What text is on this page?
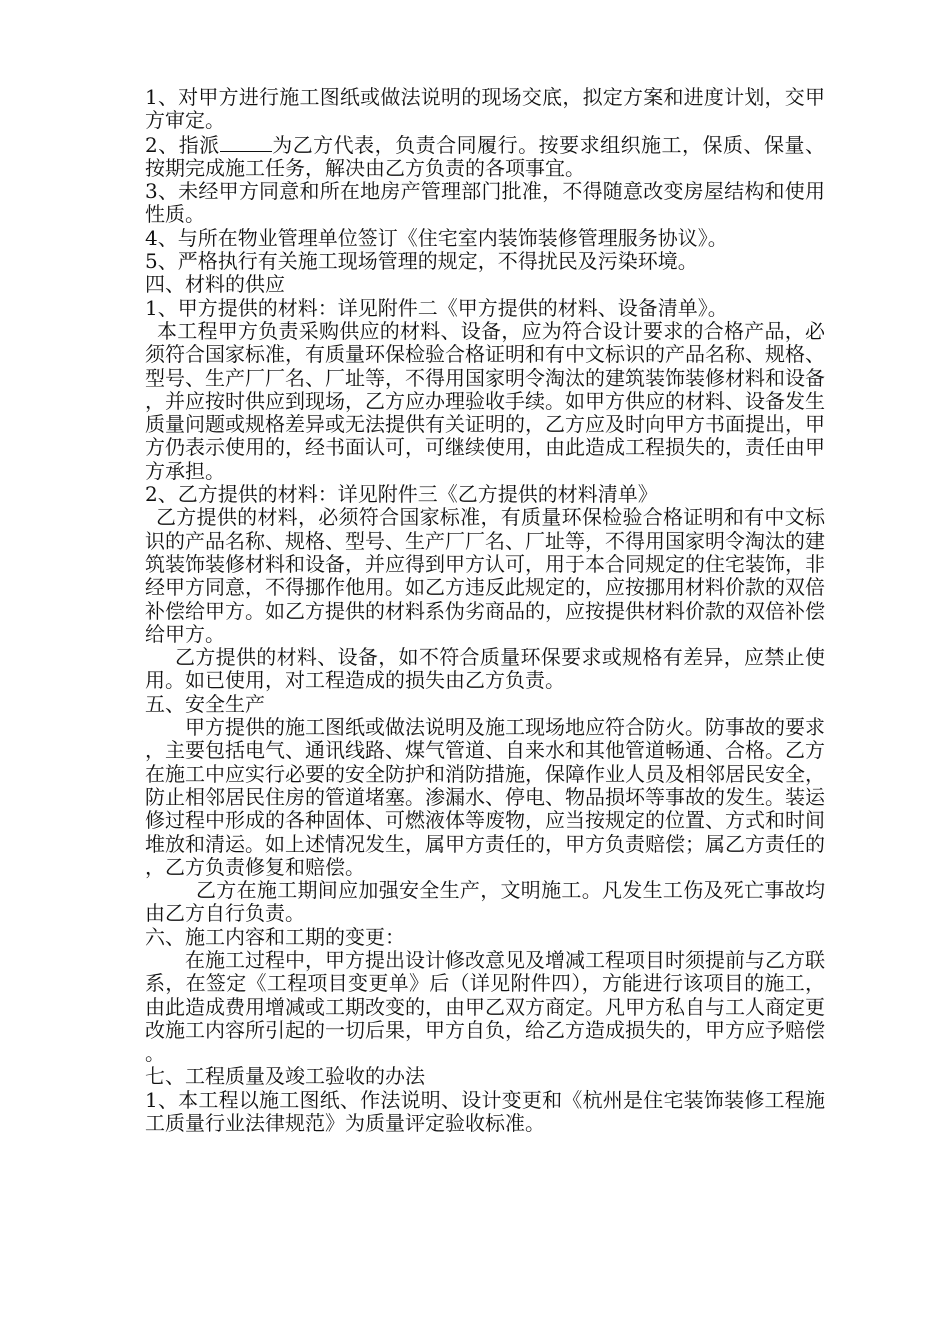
1、对甲方进行施工图纸或做法说明的现场交底，拟定方案和进度计划，交甲方审定。

2、指派	为乙方代表，负责合同履行。按要求组织施工，保质、保量、按期完成施工任务，解决由乙方负责的各项事宜。

3、未经甲方同意和所在地房产管理部门批准，不得随意改变房屋结构和使用性质。

4、与所在物业管理单位签订《住宅室内装饰装修管理服务协议》。

5、严格执行有关施工现场管理的规定，不得扰民及污染环境。

四、材料的供应

1、甲方提供的材料：详见附件二《甲方提供的材料、设备清单》。

本工程甲方负责采购供应的材料、设备，应为符合设计要求的合格产品，必须符合国家标准，有质量环保检验合格证明和有中文标识的产品名称、规格、型号、生产厂厂名、厂址等，不得用国家明令淘汰的建筑装饰装修材料和设备，并应按时供应到现场，乙方应办理验收手续。如甲方供应的材料、设备发生质量问题或规格差异或无法提供有关证明的，乙方应及时向甲方书面提出，甲方仍表示使用的，经书面认可，可继续使用，由此造成工程损失的，责任由甲方承担。

2、乙方提供的材料：详见附件三《乙方提供的材料清单》

乙方提供的材料，必须符合国家标准，有质量环保检验合格证明和有中文标识的产品名称、规格、型号、生产厂厂名、厂址等，不得用国家明令淘汰的建筑装饰装修材料和设备，并应得到甲方认可，用于本合同规定的住宅装饰，非经甲方同意，不得挪作他用。如乙方违反此规定的，应按挪用材料价款的双倍补偿给甲方。如乙方提供的材料系伪劣商品的，应按提供材料价款的双倍补偿给甲方。

乙方提供的材料、设备，如不符合质量环保要求或规格有差异，应禁止使用。如已使用，对工程造成的损失由乙方负责。

五、安全生产

甲方提供的施工图纸或做法说明及施工现场地应符合防火。防事故的要求，主要包括电气、通讯线路、煤气管道、自来水和其他管道畅通、合格。乙方在施工中应实行必要的安全防护和消防措施，保障作业人员及相邻居民安全，防止相邻居民住房的管道堵塞。渗漏水、停电、物品损坏等事故的发生。装运修过程中形成的各种固体、可燃液体等废物，应当按规定的位置、方式和时间堆放和清运。如上述情况发生，属甲方责任的，甲方负责赔偿；属乙方责任的，乙方负责修复和赔偿。

乙方在施工期间应加强安全生产，文明施工。凡发生工伤及死亡事故均由乙方自行负责。

六、施工内容和工期的变更：

在施工过程中，甲方提出设计修改意见及增减工程项目时须提前与乙方联系，在签定《工程项目变更单》后（详见附件四），方能进行该项目的施工，由此造成费用增减或工期改变的，由甲乙双方商定。凡甲方私自与工人商定更改施工内容所引起的一切后果，甲方自负，给乙方造成损失的，甲方应予赔偿。

七、工程质量及竣工验收的办法

1、本工程以施工图纸、作法说明、设计变更和《杭州是住宅装饰装修工程施工质量行业法律规范》为质量评定验收标准。
